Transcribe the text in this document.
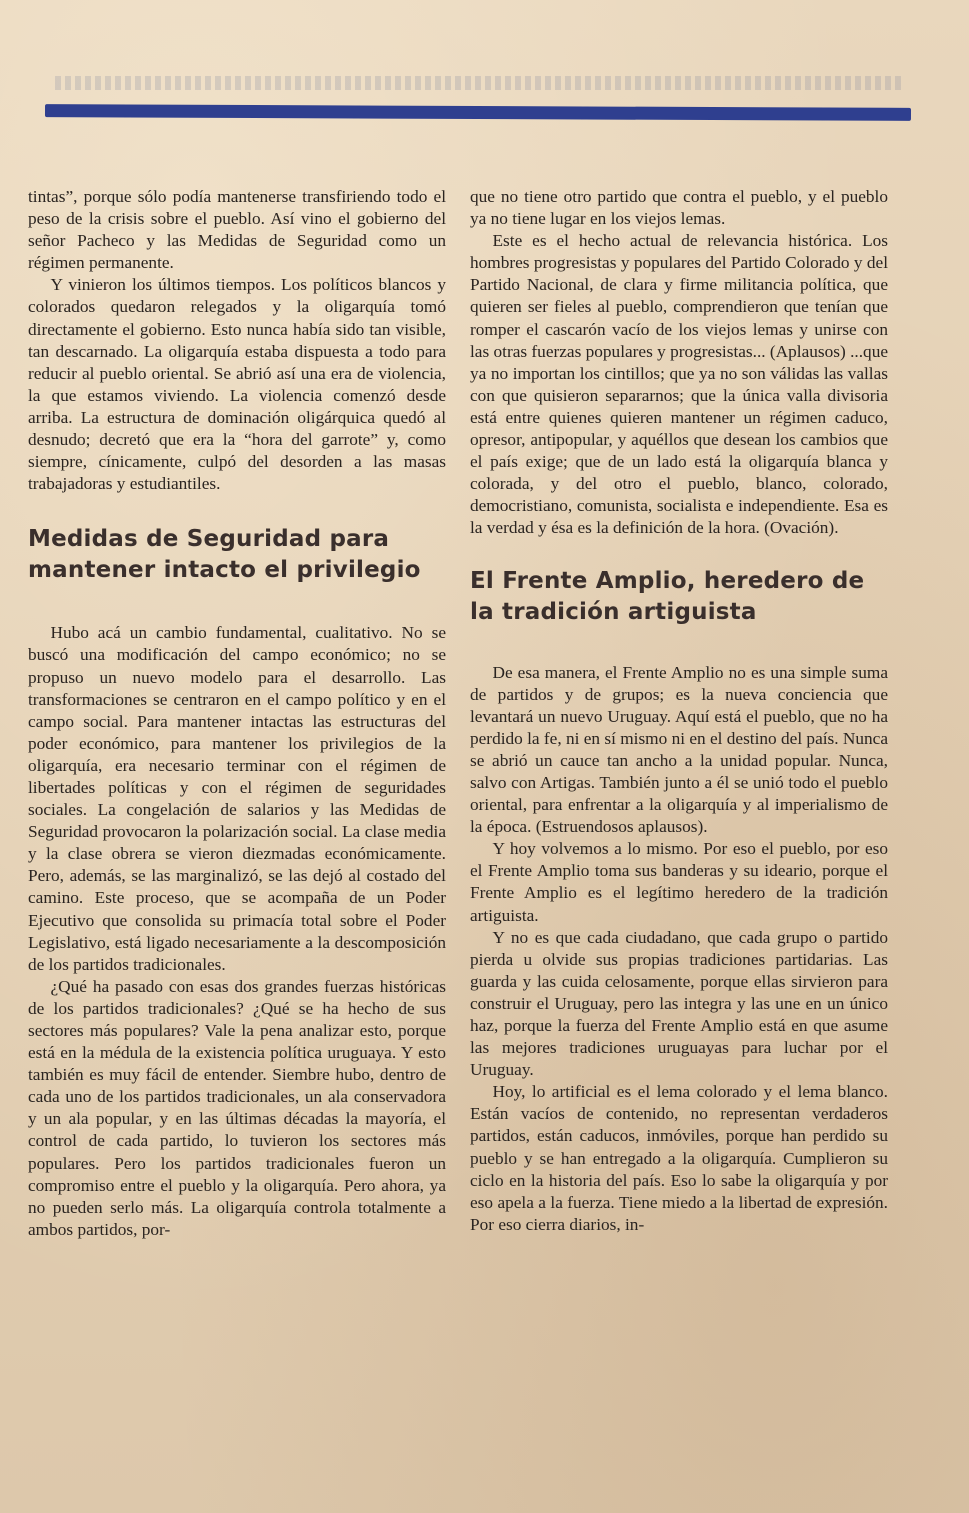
tintas”, porque sólo podía mantenerse transfiriendo todo el peso de la crisis sobre el pueblo. Así vino el gobierno del señor Pacheco y las Medidas de Seguridad como un régimen permanente.

Y vinieron los últimos tiempos. Los políticos blancos y colorados quedaron relegados y la oligarquía tomó directamente el gobierno. Esto nunca había sido tan visible, tan descarnado. La oligarquía estaba dispuesta a todo para reducir al pueblo oriental. Se abrió así una era de violencia, la que estamos viviendo. La violencia comenzó desde arriba. La estructura de dominación oligárquica quedó al desnudo; decretó que era la “hora del garrote” y, como siempre, cínicamente, culpó del desorden a las masas trabajadoras y estudiantiles.

Medidas de Seguridad para mantener intacto el privilegio

Hubo acá un cambio fundamental, cualitativo. No se buscó una modificación del campo económico; no se propuso un nuevo modelo para el desarrollo. Las transformaciones se centraron en el campo político y en el campo social. Para mantener intactas las estructuras del poder económico, para mantener los privilegios de la oligarquía, era necesario terminar con el régimen de libertades políticas y con el régimen de seguridades sociales. La congelación de salarios y las Medidas de Seguridad provocaron la polarización social. La clase media y la clase obrera se vieron diezmadas económicamente. Pero, además, se las marginalizó, se las dejó al costado del camino. Este proceso, que se acompaña de un Poder Ejecutivo que consolida su primacía total sobre el Poder Legislativo, está ligado necesariamente a la descomposición de los partidos tradicionales.

¿Qué ha pasado con esas dos grandes fuerzas históricas de los partidos tradicionales? ¿Qué se ha hecho de sus sectores más populares? Vale la pena analizar esto, porque está en la médula de la existencia política uruguaya. Y esto también es muy fácil de entender. Siembre hubo, dentro de cada uno de los partidos tradicionales, un ala conservadora y un ala popular, y en las últimas décadas la mayoría, el control de cada partido, lo tuvieron los sectores más populares. Pero los partidos tradicionales fueron un compromiso entre el pueblo y la oligarquía. Pero ahora, ya no pueden serlo más. La oligarquía controla totalmente a ambos partidos, por-

que no tiene otro partido que contra el pueblo, y el pueblo ya no tiene lugar en los viejos lemas.

Este es el hecho actual de relevancia histórica. Los hombres progresistas y populares del Partido Colorado y del Partido Nacional, de clara y firme militancia política, que quieren ser fieles al pueblo, comprendieron que tenían que romper el cascarón vacío de los viejos lemas y unirse con las otras fuerzas populares y progresistas... (Aplausos) ...que ya no importan los cintillos; que ya no son válidas las vallas con que quisieron separarnos; que la única valla divisoria está entre quienes quieren mantener un régimen caduco, opresor, antipopular, y aquéllos que desean los cambios que el país exige; que de un lado está la oligarquía blanca y colorada, y del otro el pueblo, blanco, colorado, democristiano, comunista, socialista e independiente. Esa es la verdad y ésa es la definición de la hora. (Ovación).

El Frente Amplio, heredero de la tradición artiguista

De esa manera, el Frente Amplio no es una simple suma de partidos y de grupos; es la nueva conciencia que levantará un nuevo Uruguay. Aquí está el pueblo, que no ha perdido la fe, ni en sí mismo ni en el destino del país. Nunca se abrió un cauce tan ancho a la unidad popular. Nunca, salvo con Artigas. También junto a él se unió todo el pueblo oriental, para enfrentar a la oligarquía y al imperialismo de la época. (Estruendosos aplausos).

Y hoy volvemos a lo mismo. Por eso el pueblo, por eso el Frente Amplio toma sus banderas y su ideario, porque el Frente Amplio es el legítimo heredero de la tradición artiguista.

Y no es que cada ciudadano, que cada grupo o partido pierda u olvide sus propias tradiciones partidarias. Las guarda y las cuida celosamente, porque ellas sirvieron para construir el Uruguay, pero las integra y las une en un único haz, porque la fuerza del Frente Amplio está en que asume las mejores tradiciones uruguayas para luchar por el Uruguay.

Hoy, lo artificial es el lema colorado y el lema blanco. Están vacíos de contenido, no representan verdaderos partidos, están caducos, inmóviles, porque han perdido su pueblo y se han entregado a la oligarquía. Cumplieron su ciclo en la historia del país. Eso lo sabe la oligarquía y por eso apela a la fuerza. Tiene miedo a la libertad de expresión. Por eso cierra diarios, in-
